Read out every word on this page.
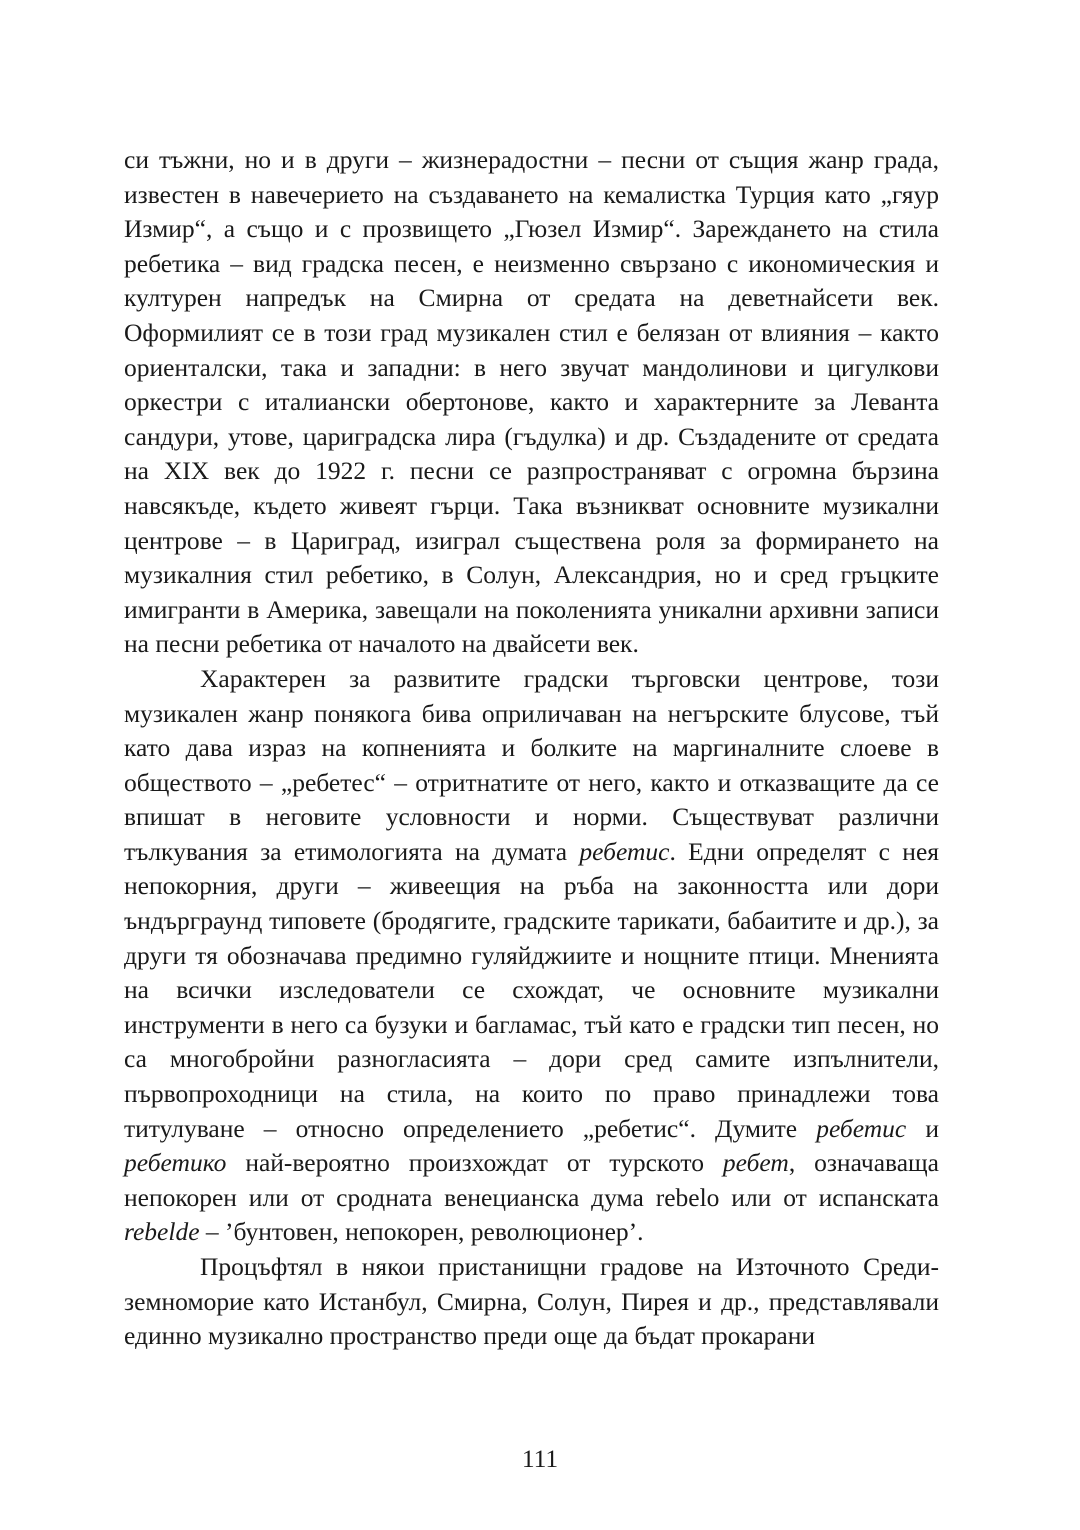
си тъжни, но и в други – жизнерадостни – песни от същия жанр града, известен в навечерието на създаването на кемалистка Турция като „гяур Измир“, а също и с прозвището „Гюзел Измир“. Зареждането на стила ребетика – вид градска песен, е неизменно свързано с икономическия и културен напредък на Смирна от средата на деветнайсети век. Оформилият се в този град музикален стил е белязан от влияния – както ориенталски, така и западни: в него звучат мандолинови и цигулкови оркестри с италиански обертонове, както и характерните за Леванта сандури, утове, цариградска лира (гъдулка) и др. Създадените от средата на XIX век до 1922 г. песни се разпространяват с огромна бързина навсякъде, където живеят гърци. Така възникват основните музикални центрове – в Цариград, изиграл съществена роля за формирането на музикалния стил ребетико, в Солун, Александрия, но и сред гръцките имигранти в Америка, завещали на поколенията уникални архивни записи на песни ребетика от началото на двайсети век.

Характерен за развитите градски търговски центрове, този музикален жанр понякога бива оприличаван на негърските блусове, тъй като дава израз на копненията и болките на маргиналните слоеве в обществото – „ребетес“ – отритнатите от него, както и отказващите да се впишат в неговите условности и норми. Съществуват различни тълкувания за етимологията на думата ребетис. Едни определят с нея непокорния, други – живеещия на ръба на законността или дори ъндърграунд типовете (бродягите, градските тарикати, бабаитите и др.), за други тя обозначава предимно гуляйджиите и нощните птици. Мненията на всички изследователи се схождат, че основните музикални инструменти в него са бузуки и багламас, тъй като е градски тип песен, но са многобройни разногласията – дори сред самите изпълнители, първопроходници на стила, на които по право принадлежи това титулуване – относно определението „ребетис“. Думите ребетис и ребетико най-вероятно произхождат от турското ребет, означаваща непокорен или от сродната венецианска дума rebelo или от испанската rebelde – ’бунтовен, непокорен, революционер’.

Процъфтял в някои пристанищни градове на Източното Средиземноморие като Истанбул, Смирна, Солун, Пирея и др., представлявали единно музикално пространство преди още да бъдат прокарани

111
